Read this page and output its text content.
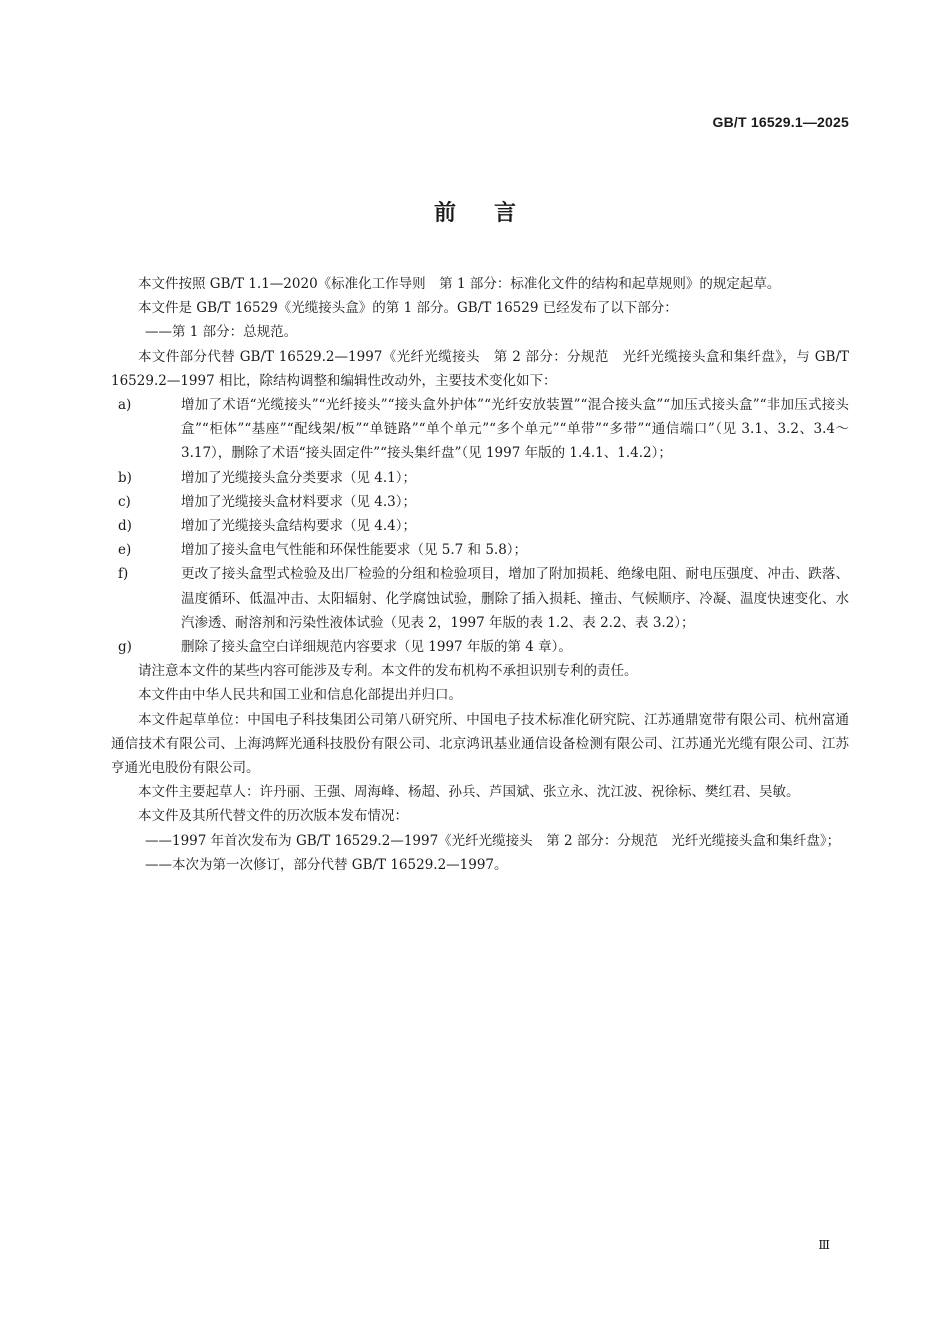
GB/T 16529.1—2025
前言

本文件按照 GB/T 1.1—2020《标准化工作导则　第 1 部分：标准化文件的结构和起草规则》的规定起草。

本文件是 GB/T 16529《光缆接头盒》的第 1 部分。GB/T 16529 已经发布了以下部分：

——第 1 部分：总规范。

本文件部分代替 GB/T 16529.2—1997《光纤光缆接头　第 2 部分：分规范　光纤光缆接头盒和集纤盘》，与 GB/T 16529.2—1997 相比，除结构调整和编辑性改动外，主要技术变化如下：

a)	增加了术语“光缆接头”“光纤接头”“接头盒外护体”“光纤安放装置”“混合接头盒”“加压式接头盒”“非加压式接头盒”“柜体”“基座”“配线架/板”“单链路”“单个单元”“多个单元”“单带”“多带”“通信端口”（见 3.1、3.2、3.4～3.17），删除了术语“接头固定件”“接头集纤盘”（见 1997 年版的 1.4.1、1.4.2）；
b)	增加了光缆接头盒分类要求（见 4.1）；
c)	增加了光缆接头盒材料要求（见 4.3）；
d)	增加了光缆接头盒结构要求（见 4.4）；
e)	增加了接头盒电气性能和环保性能要求（见 5.7 和 5.8）；
f)	更改了接头盒型式检验及出厂检验的分组和检验项目，增加了附加损耗、绝缘电阻、耐电压强度、冲击、跌落、温度循环、低温冲击、太阳辐射、化学腐蚀试验，删除了插入损耗、撞击、气候顺序、冷凝、温度快速变化、水汽渗透、耐溶剂和污染性液体试验（见表 2，1997 年版的表 1.2、表 2.2、表 3.2）；
g)	删除了接头盒空白详细规范内容要求（见 1997 年版的第 4 章）。

请注意本文件的某些内容可能涉及专利。本文件的发布机构不承担识别专利的责任。

本文件由中华人民共和国工业和信息化部提出并归口。

本文件起草单位：中国电子科技集团公司第八研究所、中国电子技术标准化研究院、江苏通鼎宽带有限公司、杭州富通通信技术有限公司、上海鸿辉光通科技股份有限公司、北京鸿讯基业通信设备检测有限公司、江苏通光光缆有限公司、江苏亨通光电股份有限公司。

本文件主要起草人：许丹丽、王强、周海峰、杨超、孙兵、芦国斌、张立永、沈江波、祝徐标、樊红君、吴敏。

本文件及其所代替文件的历次版本发布情况：

——1997 年首次发布为 GB/T 16529.2—1997《光纤光缆接头　第 2 部分：分规范　光纤光缆接头盒和集纤盘》；

——本次为第一次修订，部分代替 GB/T 16529.2—1997。

Ⅲ
